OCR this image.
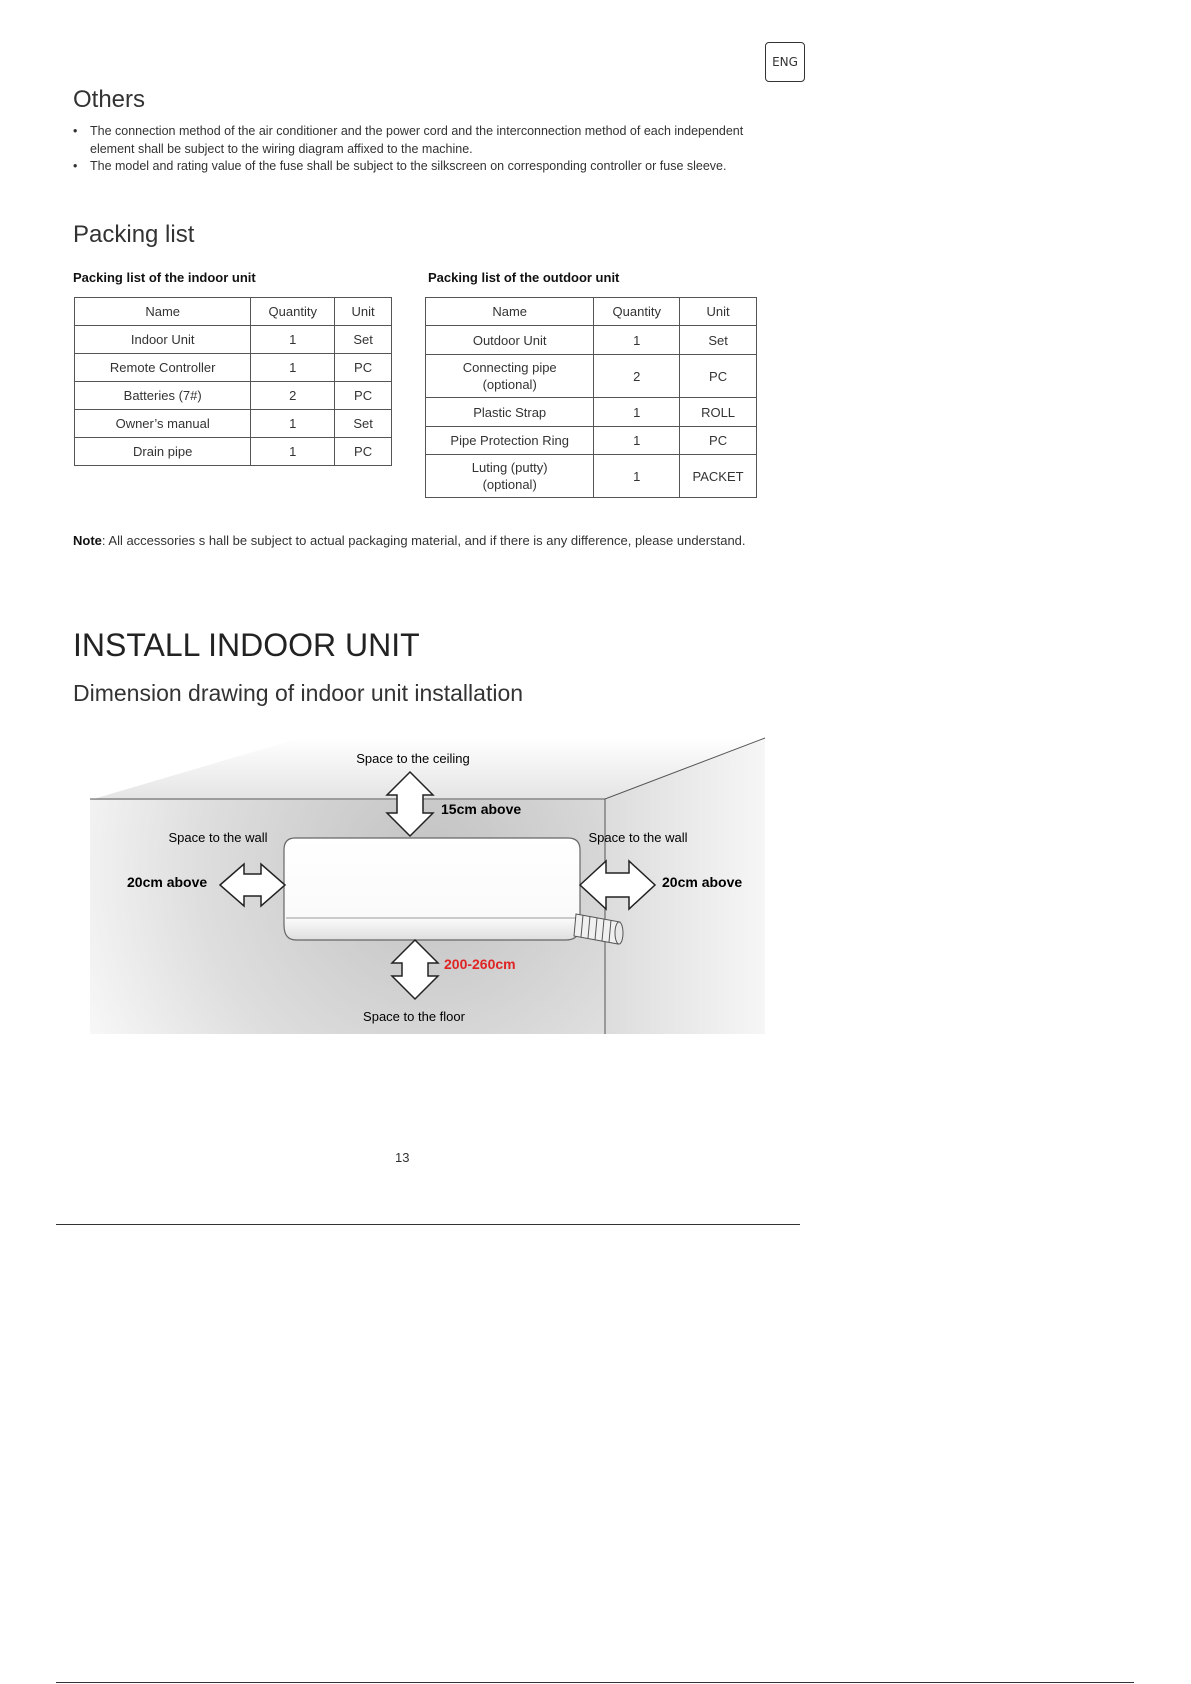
ENG
Others
• The connection method of the air conditioner and the power cord and the interconnection method of each independent element shall be subject to the wiring diagram affixed to the machine.
• The model and rating value of the fuse shall be subject to the silkscreen on corresponding controller or fuse sleeve.
Packing list
Packing list of the indoor unit	Packing list of the outdoor unit
Name	Quantity	Unit
Indoor Unit	1	Set
Remote Controller	1	PC
Batteries (7#)	2	PC
Owner’s manual	1	Set
Drain pipe	1	PC
Name	Quantity	Unit
Outdoor Unit	1	Set
Connecting pipe
(optional)	2	PC
Plastic Strap	1	ROLL
Pipe Protection Ring	1	PC
Luting (putty)
(optional)	1	PACKET
Note: All accessories s hall be subject to actual packaging material, and if there is any difference, please understand.
INSTALL INDOOR UNIT
Dimension drawing of indoor unit installation
Space to the ceiling
15cm above
Space to the wall
20cm above
Space to the wall
20cm above
200-260cm
Space to the floor
13
